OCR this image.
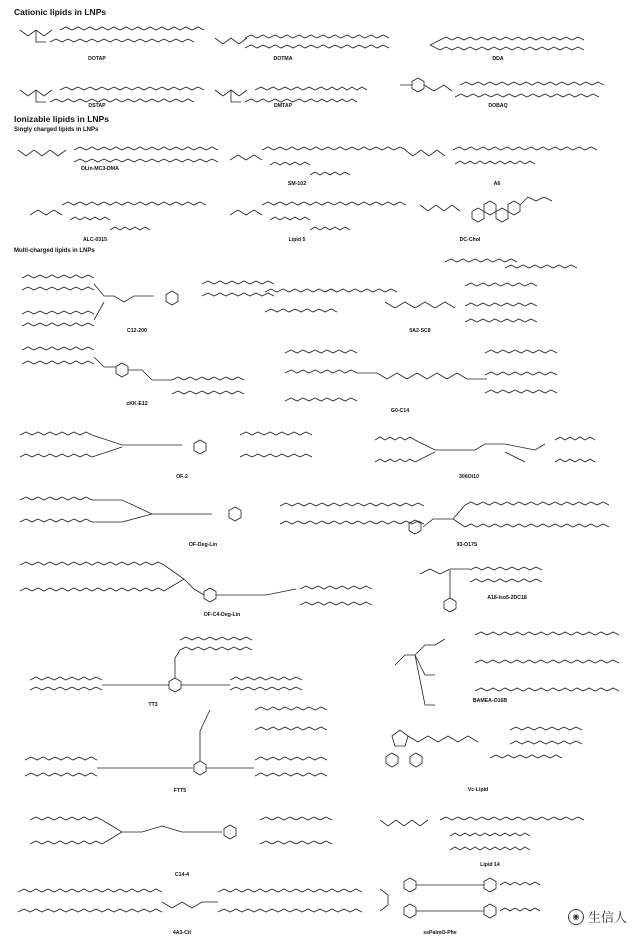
Cationic lipids in LNPs
Ionizable lipids in LNPs
Singly charged lipids in LNPs
Multi-charged lipids in LNPs
DOTAP	DOTMA	DDA
DSTAP	DMTAP	DOBAQ
DLin-MC3-DMA
SM-102	A6
ALC-0315	Lipid 5	DC-Chol
C12-200	5A2-SC8
cKK-E12
G0-C14
OF-2	306Oi10
OF-Deg-Lin	93-O17S
OF-C4-Deg-Lin
A18-Iso5-2DC18
TT3
BAMEA-O16B
FTT5	Vc-Lipid
C14-4
Lipid 14
4A3-Cit	ssPalmO-Phe
◉ 生信人
